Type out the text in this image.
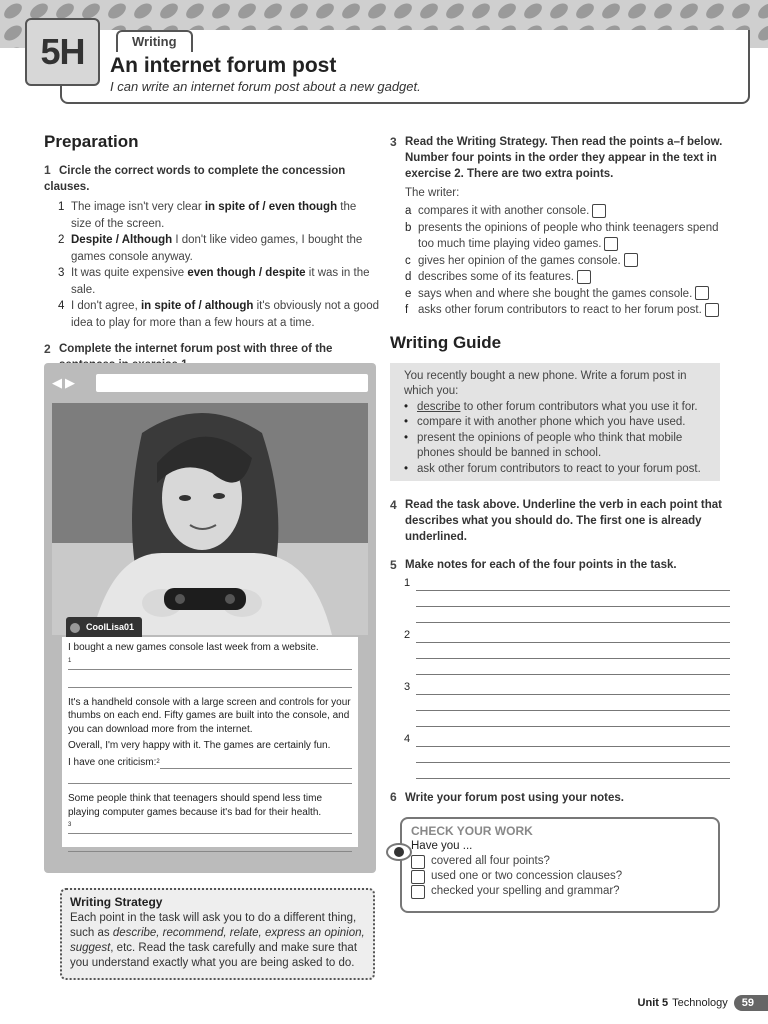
5H	Writing
An internet forum post
I can write an internet forum post about a new gadget.
Preparation
1 Circle the correct words to complete the concession clauses.
1 The image isn't very clear in spite of / even though the size of the screen.
2 Despite / Although I don't like video games, I bought the games console anyway.
3 It was quite expensive even though / despite it was in the sale.
4 I don't agree, in spite of / although it's obviously not a good idea to play for more than a few hours at a time.
2 Complete the internet forum post with three of the
◀ ▶
CoolLisa01

I bought a new games console last week from a website.

1

It's a handheld console with a large screen and controls for your thumbs on each end. Fifty games are built into the console, and you can download more from the internet.

Overall, I'm very happy with it. The games are certainly fun.

I have one criticism: 2

Some people think that teenagers should spend less time playing computer games because it's bad for their health.

3
Writing Strategy
Each point in the task will ask you to do a different thing, such as describe, recommend, relate, express an opinion, suggest, etc. Read the task carefully and make sure that you understand exactly what you are being asked to do.
3 Read the Writing Strategy. Then read the points a–f below. Number four points in the order they appear in the text in exercise 2. There are two extra points.
The writer:
a compares it with another console.
b presents the opinions of people who think teenagers spend too much time playing video games.
c gives her opinion of the games console.
d describes some of its features.
e says when and where she bought the games console.
f asks other forum contributors to react to her forum post.
Writing Guide
You recently bought a new phone. Write a forum post in which you:
• describe to other forum contributors what you use it for.
• compare it with another phone which you have used.
• present the opinions of people who think that mobile phones should be banned in school.
• ask other forum contributors to react to your forum post.
4 Read the task above. Underline the verb in each point that describes what you should do. The first one is already underlined.
5 Make notes for each of the four points in the task.
1
2
3
4
6 Write your forum post using your notes.
CHECK YOUR WORK
Have you ...
covered all four points?
used one or two concession clauses?
checked your spelling and grammar?
Unit 5 Technology	59
